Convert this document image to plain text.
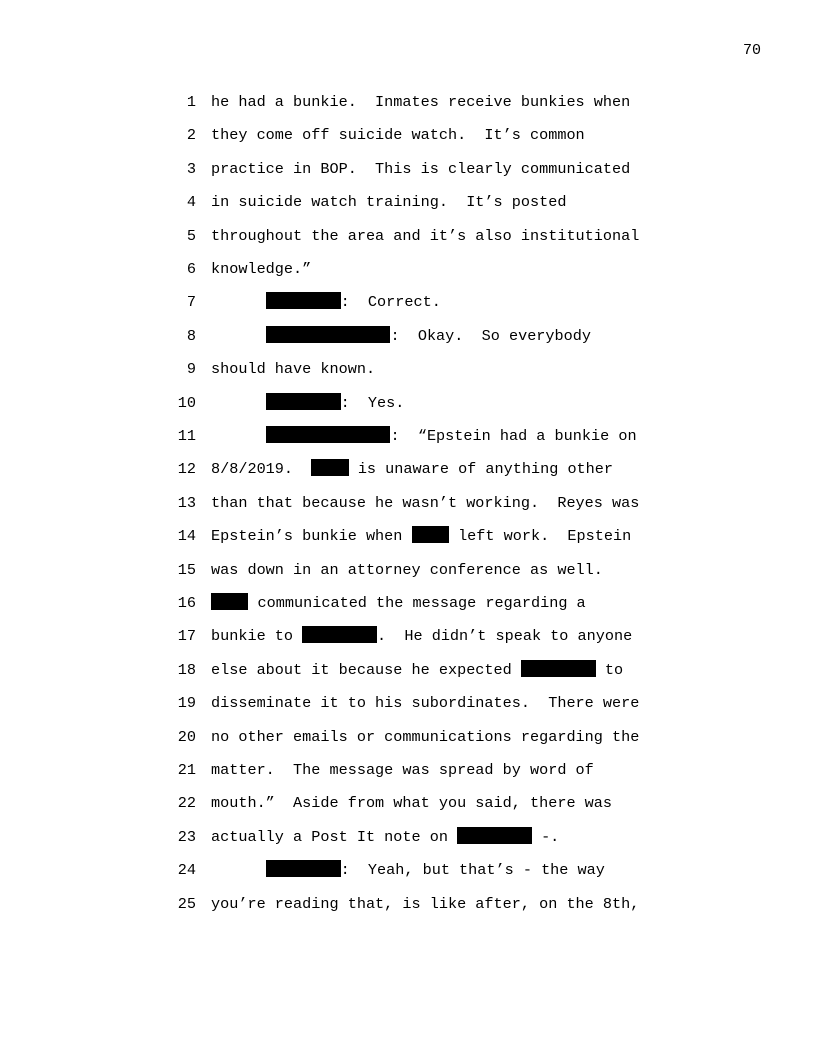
70
1 he had a bunkie.  Inmates receive bunkies when
2 they come off suicide watch.  It’s common
3 practice in BOP.  This is clearly communicated
4 in suicide watch training.  It’s posted
5 throughout the area and it’s also institutional
6 knowledge.”
7	:  Correct.
8	:  Okay.  So everybody
9 should have known.
10	:  Yes.
11	:  “Epstein had a bunkie on
12 8/8/2019.   is unaware of anything other
13 than that because he wasn’t working.  Reyes was
14 Epstein’s bunkie when  left work.  Epstein
15 was down in an attorney conference as well.
16	communicated the message regarding a
17 bunkie to	.  He didn’t speak to anyone
18 else about it because he expected	to
19 disseminate it to his subordinates.  There were
20 no other emails or communications regarding the
21 matter.  The message was spread by word of
22 mouth.”  Aside from what you said, there was
23 actually a Post It note on	-.
24	:  Yeah, but that’s - the way
25 you’re reading that, is like after, on the 8th,
